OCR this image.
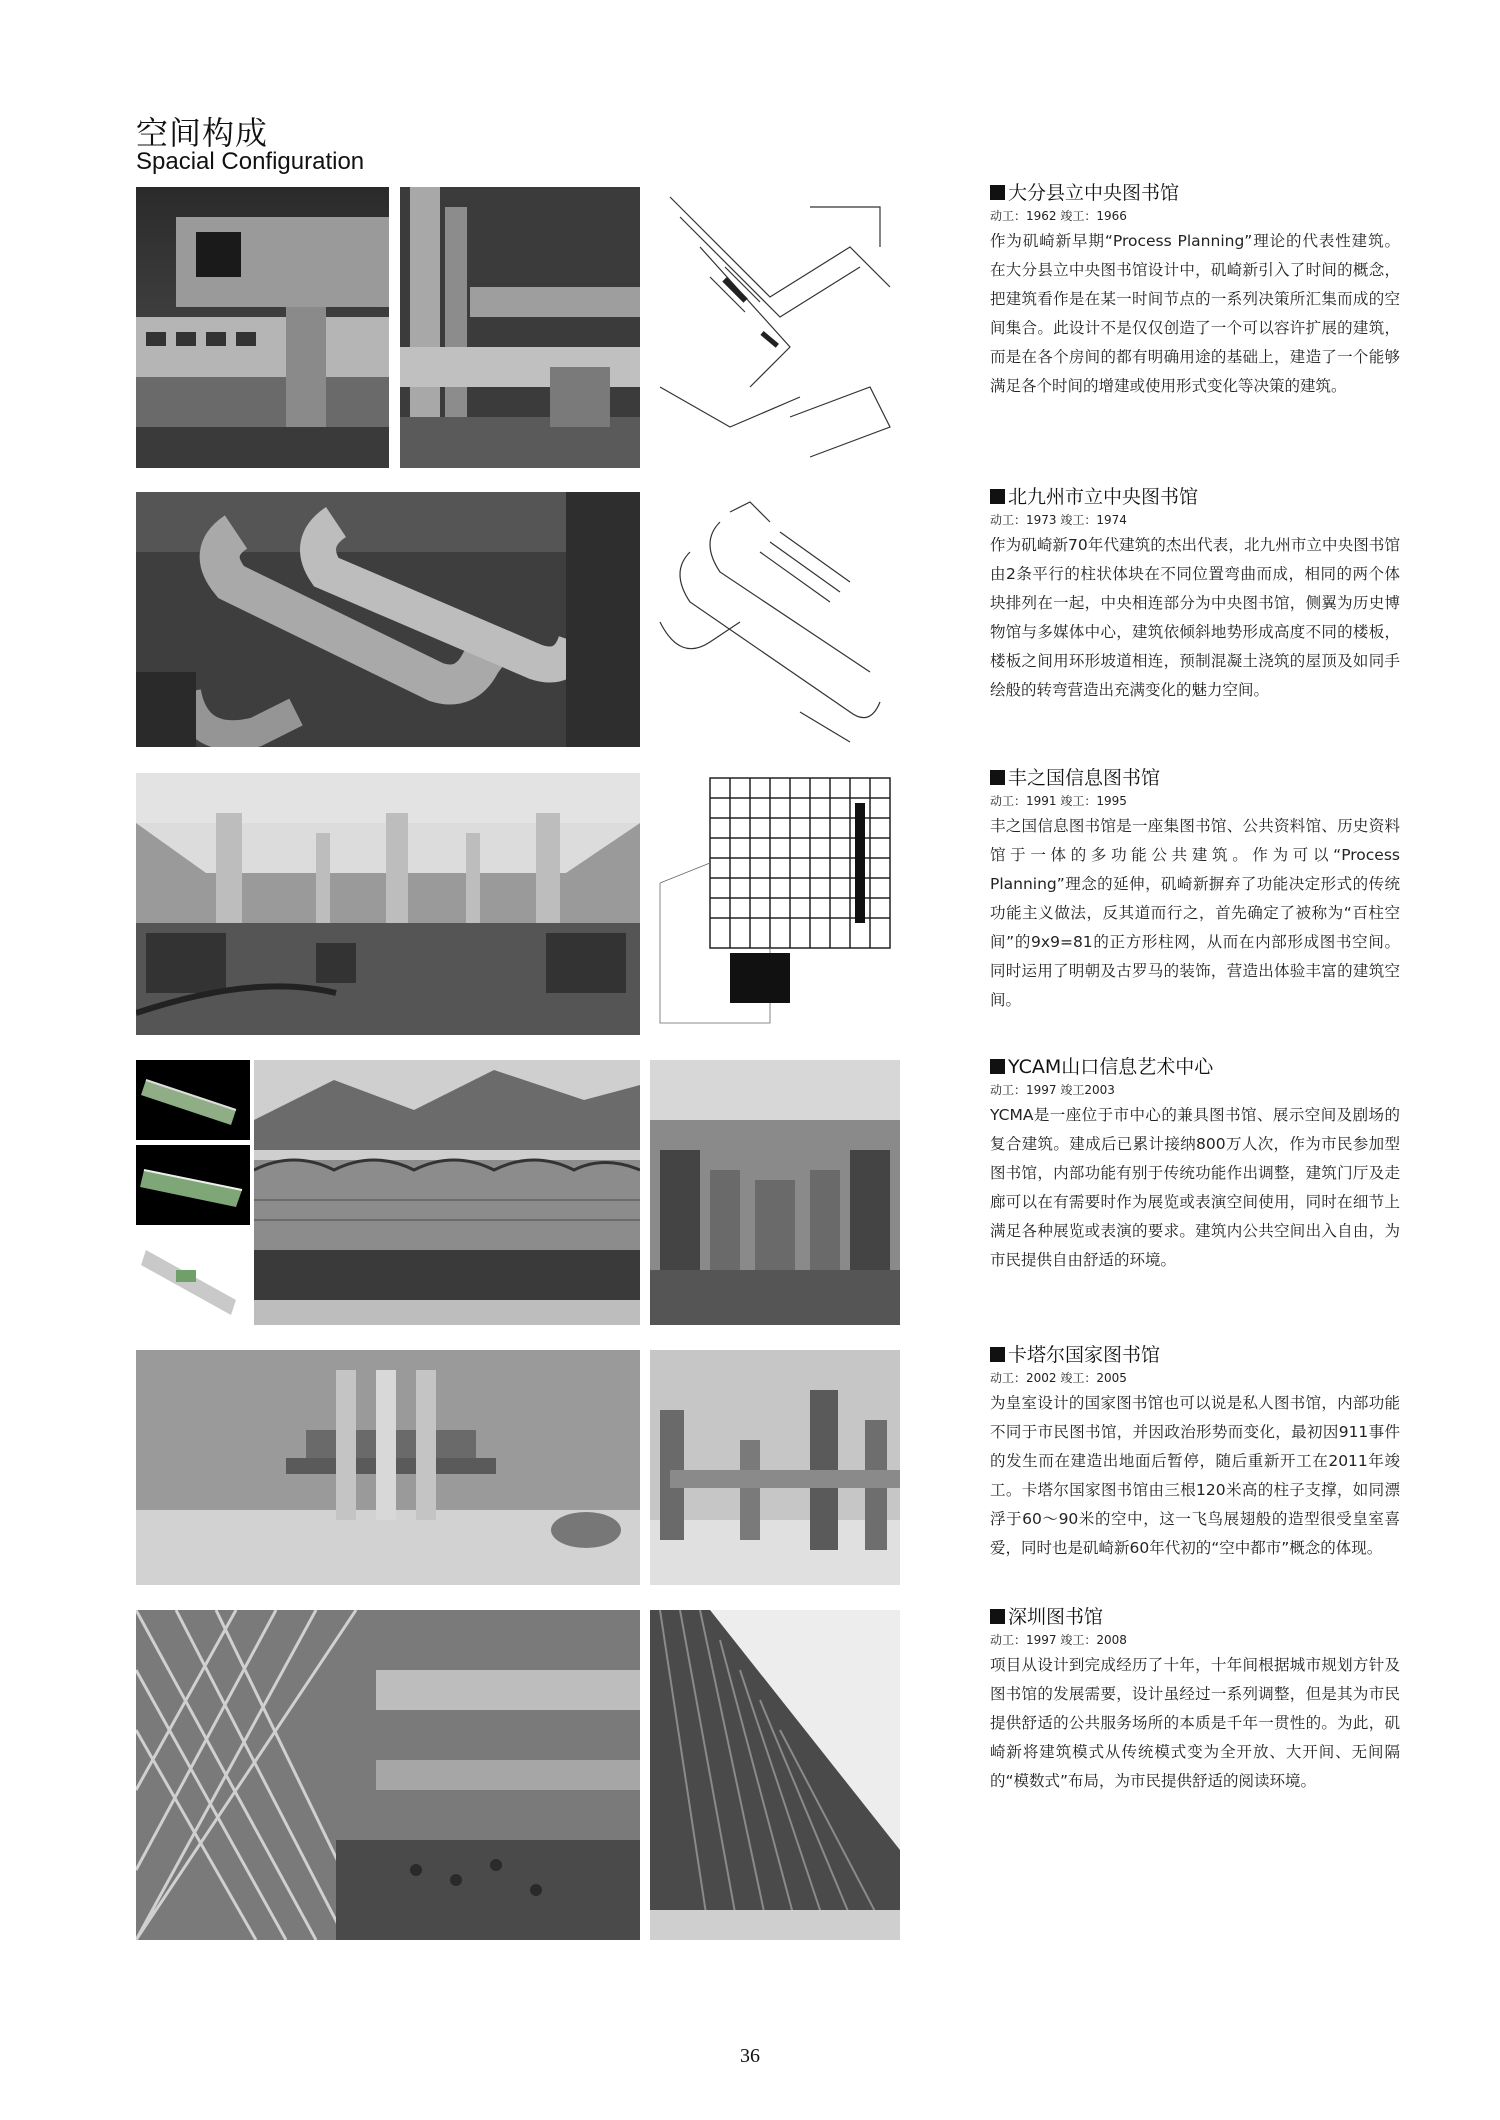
空间构成
Spacial Configuration
大分县立中央图书馆
动工：1962 竣工：1966
作为矶崎新早期“Process Planning”理论的代表性建筑。在大分县立中央图书馆设计中，矶崎新引入了时间的概念，把建筑看作是在某一时间节点的一系列决策所汇集而成的空间集合。此设计不是仅仅创造了一个可以容许扩展的建筑，而是在各个房间的都有明确用途的基础上，建造了一个能够满足各个时间的增建或使用形式变化等决策的建筑。
北九州市立中央图书馆
动工：1973 竣工：1974
作为矶崎新70年代建筑的杰出代表，北九州市立中央图书馆由2条平行的柱状体块在不同位置弯曲而成，相同的两个体块排列在一起，中央相连部分为中央图书馆，侧翼为历史博物馆与多媒体中心，建筑依倾斜地势形成高度不同的楼板，楼板之间用环形坡道相连，预制混凝土浇筑的屋顶及如同手绘般的转弯营造出充满变化的魅力空间。
丰之国信息图书馆
动工：1991 竣工：1995
丰之国信息图书馆是一座集图书馆、公共资料馆、历史资料馆于一体的多功能公共建筑。作为可以“Process Planning”理念的延伸，矶崎新摒弃了功能决定形式的传统功能主义做法，反其道而行之，首先确定了被称为“百柱空间”的9x9=81的正方形柱网，从而在内部形成图书空间。同时运用了明朝及古罗马的装饰，营造出体验丰富的建筑空间。
YCAM山口信息艺术中心
动工：1997 竣工2003
YCMA是一座位于市中心的兼具图书馆、展示空间及剧场的复合建筑。建成后已累计接纳800万人次，作为市民参加型图书馆，内部功能有别于传统功能作出调整，建筑门厅及走廊可以在有需要时作为展览或表演空间使用，同时在细节上满足各种展览或表演的要求。建筑内公共空间出入自由，为市民提供自由舒适的环境。
卡塔尔国家图书馆
动工：2002 竣工：2005
为皇室设计的国家图书馆也可以说是私人图书馆，内部功能不同于市民图书馆，并因政治形势而变化，最初因911事件的发生而在建造出地面后暂停，随后重新开工在2011年竣工。卡塔尔国家图书馆由三根120米高的柱子支撑，如同漂浮于60～90米的空中，这一飞鸟展翅般的造型很受皇室喜爱，同时也是矶崎新60年代初的“空中都市”概念的体现。
深圳图书馆
动工：1997 竣工：2008
项目从设计到完成经历了十年，十年间根据城市规划方针及图书馆的发展需要，设计虽经过一系列调整，但是其为市民提供舒适的公共服务场所的本质是千年一贯性的。为此，矶崎新将建筑模式从传统模式变为全开放、大开间、无间隔的“模数式”布局，为市民提供舒适的阅读环境。
36
